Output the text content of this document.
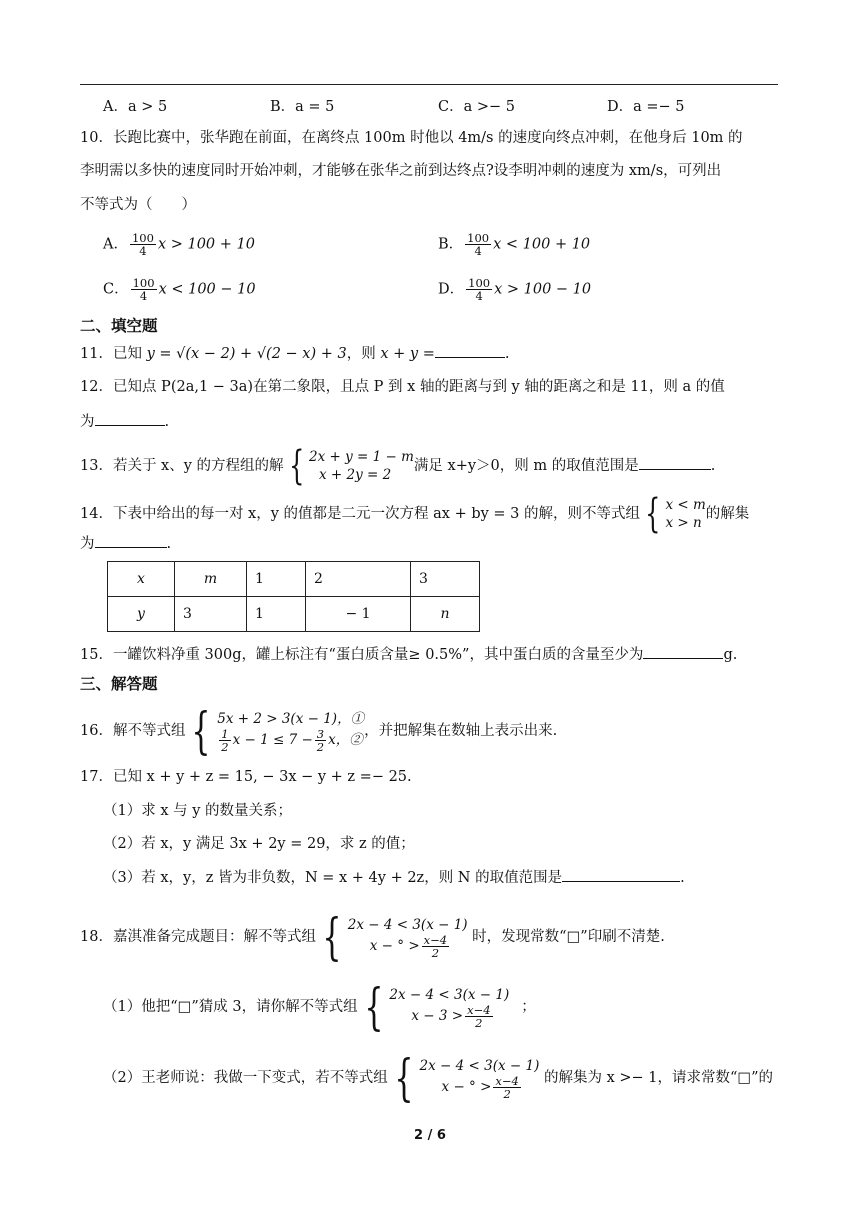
A．a > 5	B．a = 5	C．a >− 5	D．a =− 5
10．长跑比赛中，张华跑在前面，在离终点 100m 时他以 4m/s 的速度向终点冲刺，在他身后 10m 的
李明需以多快的速度同时开始冲刺，才能够在张华之前到达终点?设李明冲刺的速度为 xm/s，可列出
不等式为（　　）
A． $\frac{100}{4}$ x > 100 + 10	B． $\frac{100}{4}$ x < 100 + 10
C． $\frac{100}{4}$ x < 100 − 10	D． $\frac{100}{4}$ x > 100 − 10
二、填空题
11．已知 y = √(x − 2) + √(2 − x) + 3，则 x + y =	.
12．已知点 P(2a,1 − 3a)在第二象限，且点 P 到 x 轴的距离与到 y 轴的距离之和是 11，则 a 的值
为	.
13．若关于 x、y 的方程组的解 { 2x + y = 1 − m
x + 2y = 2
满足 x+y＞0，则 m 的取值范围是	.
14．下表中给出的每一对 x，y 的值都是二元一次方程 ax + by = 3 的解，则不等式组 { x < m
x > n
的解集
为	.
x	m	1	2	3
y	3	1	− 1	n
15．一罐饮料净重 300g，罐上标注有“蛋白质含量≥ 0.5%”，其中蛋白质的含量至少为	g.
三、解答题
16．解不等式组 { 5x + 2 > 3(x − 1)，①
$\frac{1}{2}$ $x - 1 \le 7 - \frac{3}{2}$ x，②
，并把解集在数轴上表示出来.
17．已知 x + y + z = 15, − 3x − y + z =− 25.
（1）求 x 与 y 的数量关系；
（2）若 x，y 满足 3x + 2y = 29，求 z 的值；
（3）若 x，y，z 皆为非负数，N = x + 4y + 2z，则 N 的取值范围是	.
18．嘉淇准备完成题目：解不等式组 { 2x − 4 < 3(x − 1)
x − ° > $\frac{x-4}{2}$ 时，发现常数“□”印刷不清楚.
（1）他把“□”猜成 3，请你解不等式组 { 2x − 4 < 3(x − 1)
$x - 3 > \frac{x-4}{2}$ ；
（2）王老师说：我做一下变式，若不等式组 { 2x − 4 < 3(x − 1)
x − ° > $\frac{x-4}{2}$ 的解集为 x >− 1，请求常数“□”的
2 / 6
